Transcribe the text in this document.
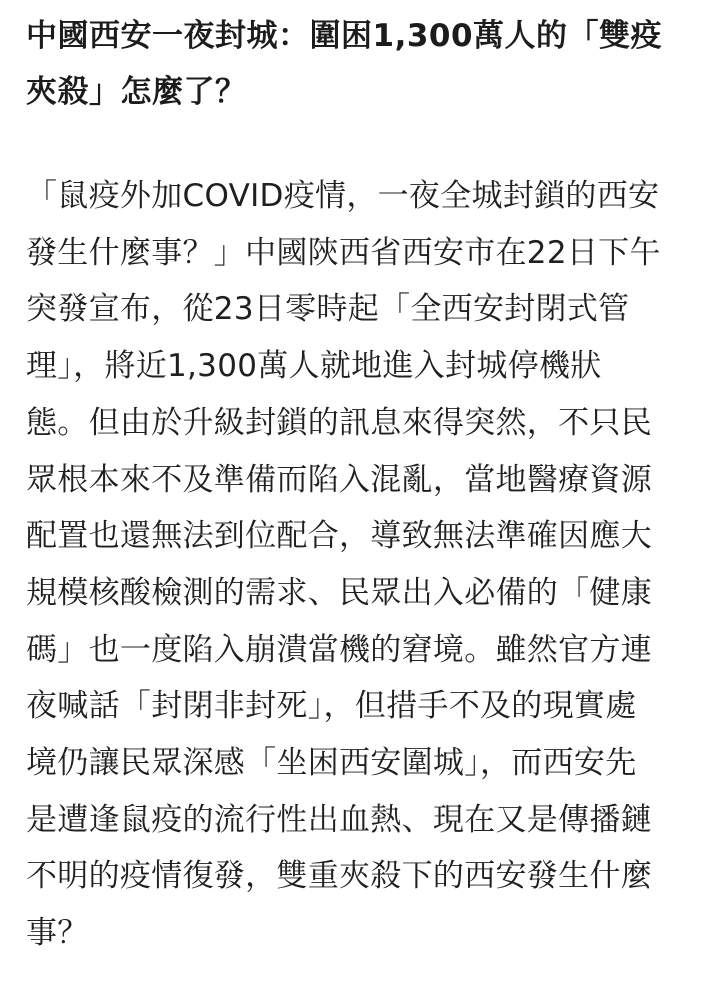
中國西安一夜封城：圍困1,300萬人的「雙疫
夾殺」怎麼了？

「鼠疫外加COVID疫情，一夜全城封鎖的西安
發生什麼事？」中國陝西省西安市在22日下午
突發宣布，從23日零時起「全西安封閉式管
理」，將近1,300萬人就地進入封城停機狀
態。但由於升級封鎖的訊息來得突然，不只民
眾根本來不及準備而陷入混亂，當地醫療資源
配置也還無法到位配合，導致無法準確因應大
規模核酸檢測的需求、民眾出入必備的「健康
碼」也一度陷入崩潰當機的窘境。雖然官方連
夜喊話「封閉非封死」，但措手不及的現實處
境仍讓民眾深感「坐困西安圍城」，而西安先
是遭逢鼠疫的流行性出血熱、現在又是傳播鏈
不明的疫情復發，雙重夾殺下的西安發生什麼
事？
